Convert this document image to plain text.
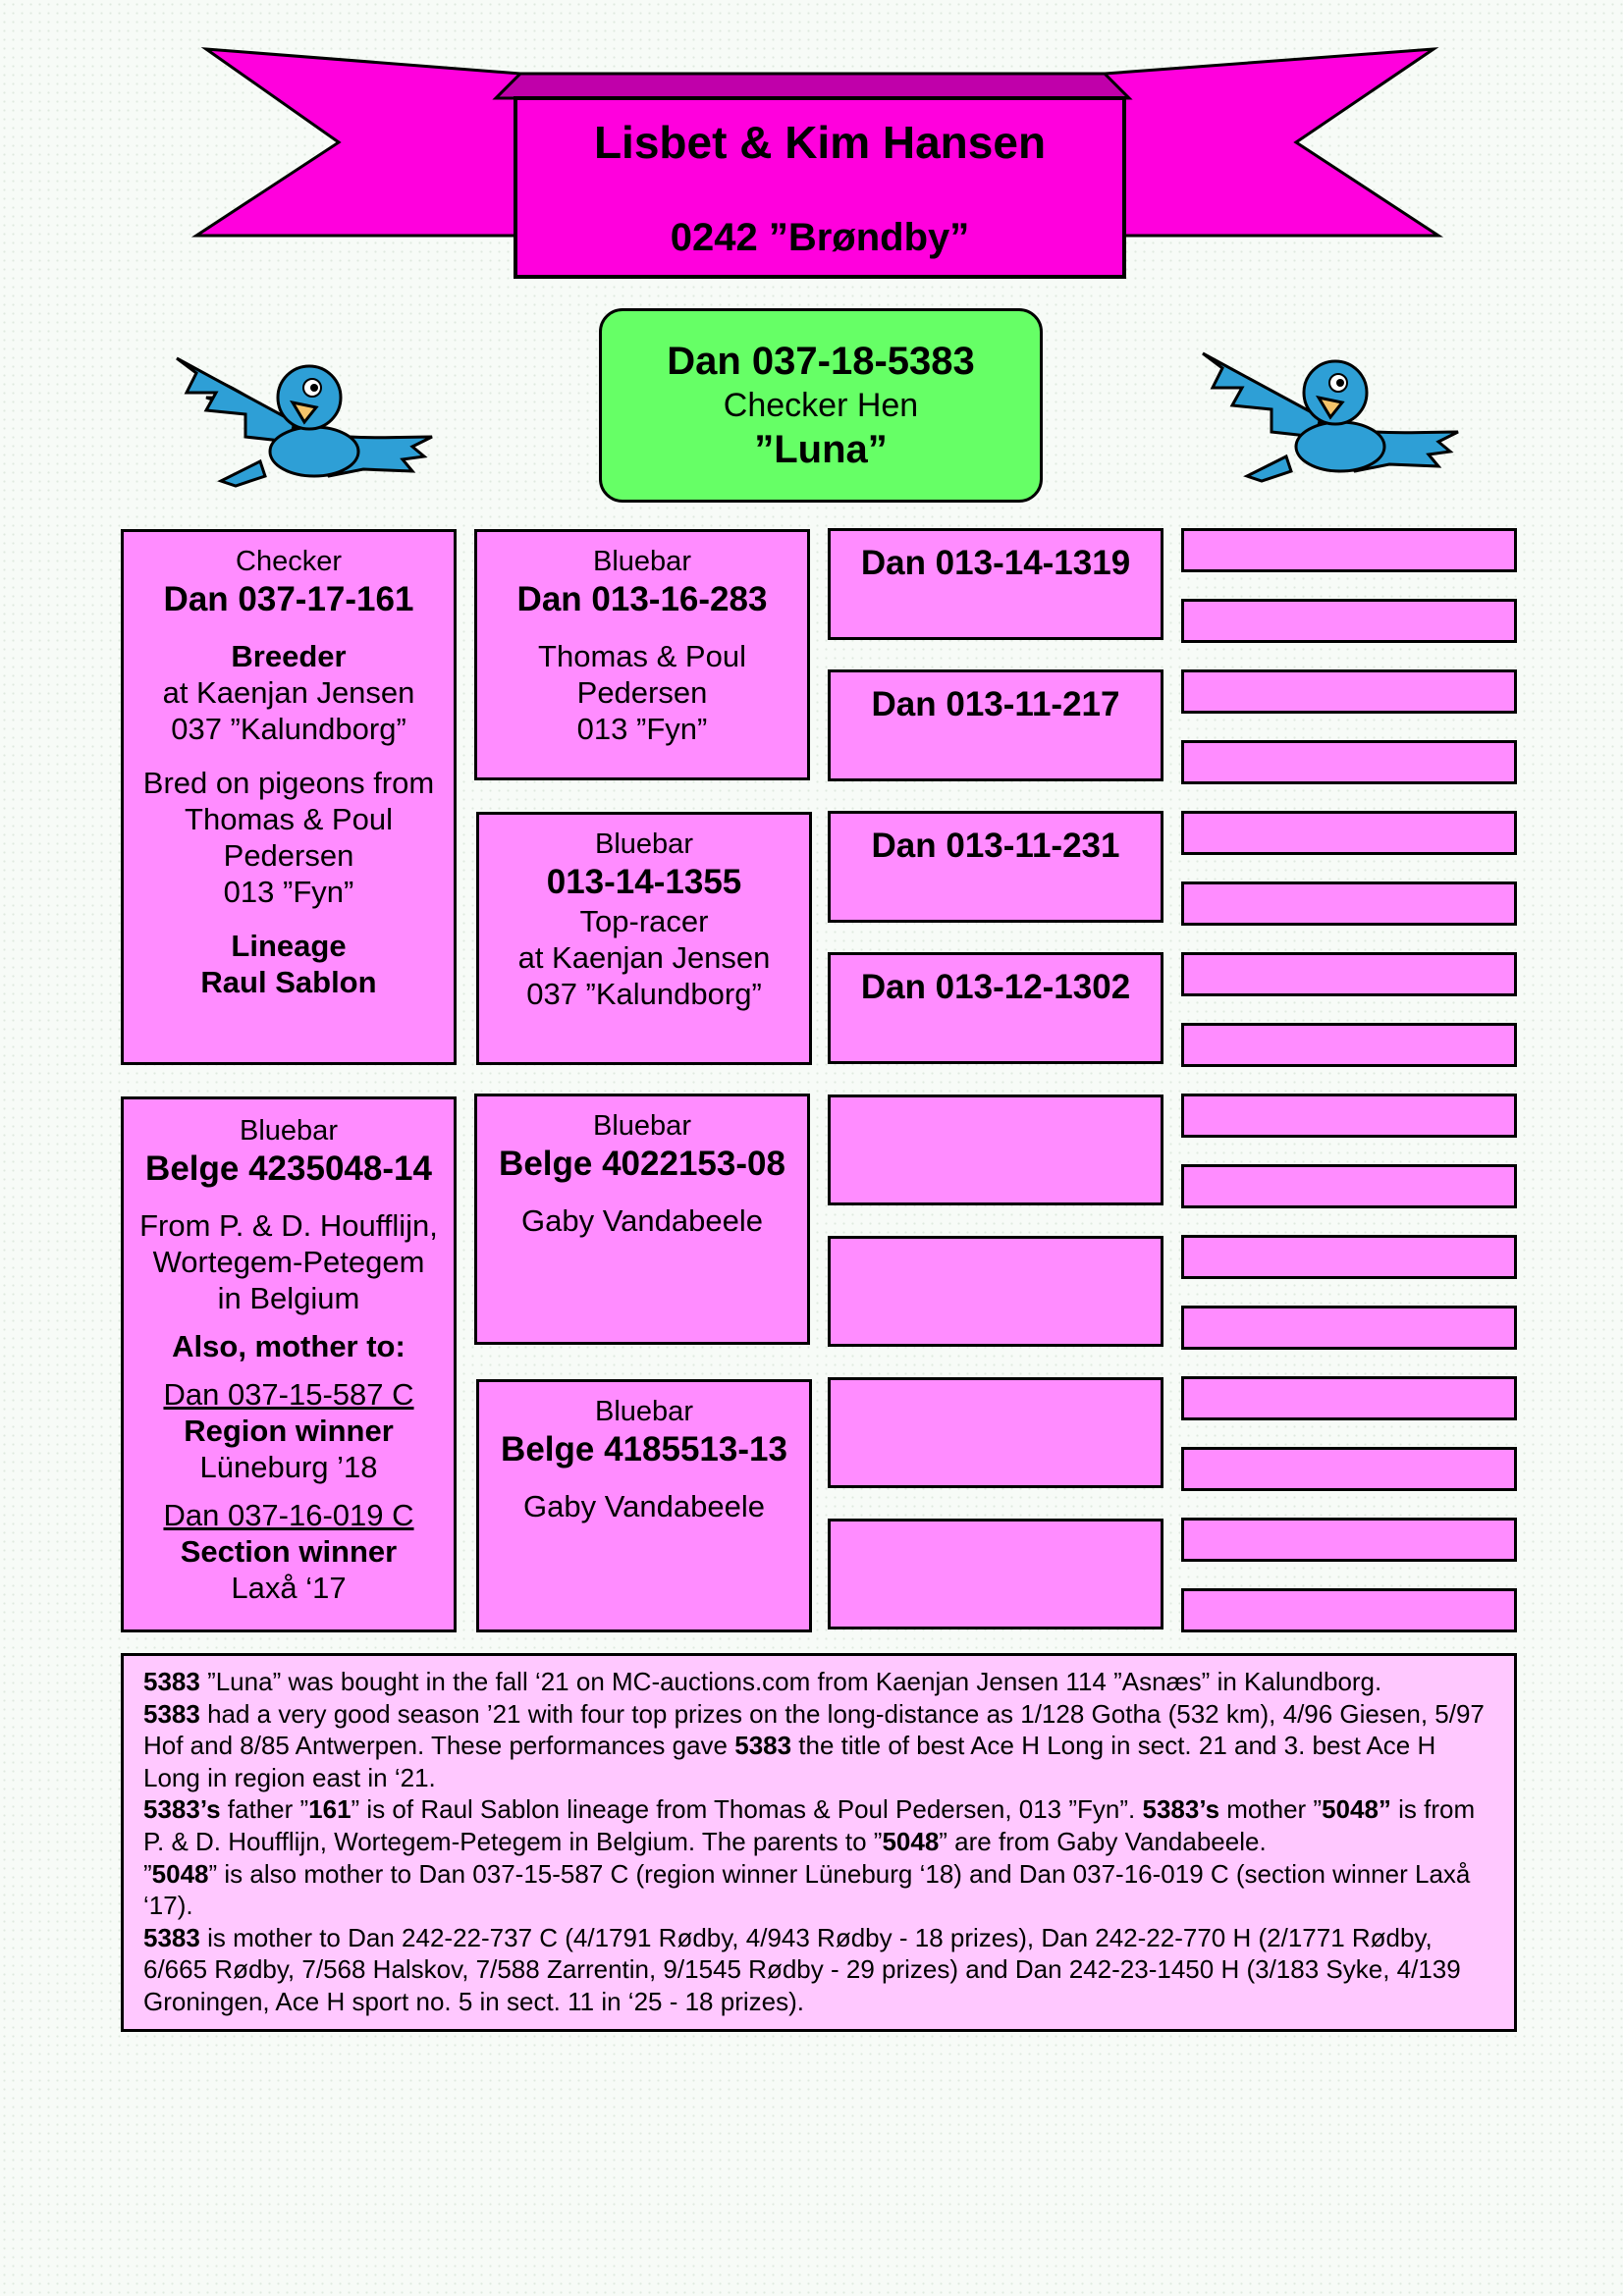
Lisbet & Kim Hansen
0242 ”Brøndby”
Dan 037-18-5383
Checker Hen
”Luna”
Checker
Dan 037-17-161
Breeder
at Kaenjan Jensen
037 ”Kalundborg”
Bred on pigeons from
Thomas & Poul
Pedersen
013 ”Fyn”
Lineage
Raul Sablon
Bluebar
Dan 013-16-283
Thomas & Poul
Pedersen
013 ”Fyn”
Bluebar
013-14-1355
Top-racer
at Kaenjan Jensen
037 ”Kalundborg”
Dan 013-14-1319
Dan 013-11-217
Dan 013-11-231
Dan 013-12-1302
Bluebar
Belge 4235048-14
From P. & D. Houfflijn,
Wortegem-Petegem
in Belgium
Also, mother to:
Dan 037-15-587 C
Region winner
Lüneburg ’18
Dan 037-16-019 C
Section winner
Laxå ‘17
Bluebar
Belge 4022153-08
Gaby Vandabeele
Bluebar
Belge 4185513-13
Gaby Vandabeele

5383 ”Luna” was bought in the fall ‘21 on MC-auctions.com from Kaenjan Jensen 114 ”Asnæs” in Kalundborg.

5383 had a very good season ’21 with four top prizes on the long-distance as 1/128 Gotha (532 km), 4/96 Giesen, 5/97 Hof and 8/85 Antwerpen. These performances gave 5383 the title of best Ace H Long in sect. 21 and 3. best Ace H Long in region east in ‘21.

5383’s father ”161” is of Raul Sablon lineage from Thomas & Poul Pedersen, 013 ”Fyn”. 5383’s mother ”5048” is from P. & D. Houfflijn, Wortegem-Petegem in Belgium. The parents to ”5048” are from Gaby Vandabeele.

”5048” is also mother to Dan 037-15-587 C (region winner Lüneburg ‘18) and Dan 037-16-019 C (section winner Laxå ‘17).

5383 is mother to Dan 242-22-737 C (4/1791 Rødby, 4/943 Rødby - 18 prizes), Dan 242-22-770 H (2/1771 Rødby, 6/665 Rødby, 7/568 Halskov, 7/588 Zarrentin, 9/1545 Rødby - 29 prizes) and Dan 242-23-1450 H (3/183 Syke, 4/139 Groningen, Ace H sport no. 5 in sect. 11 in ‘25 - 18 prizes).
